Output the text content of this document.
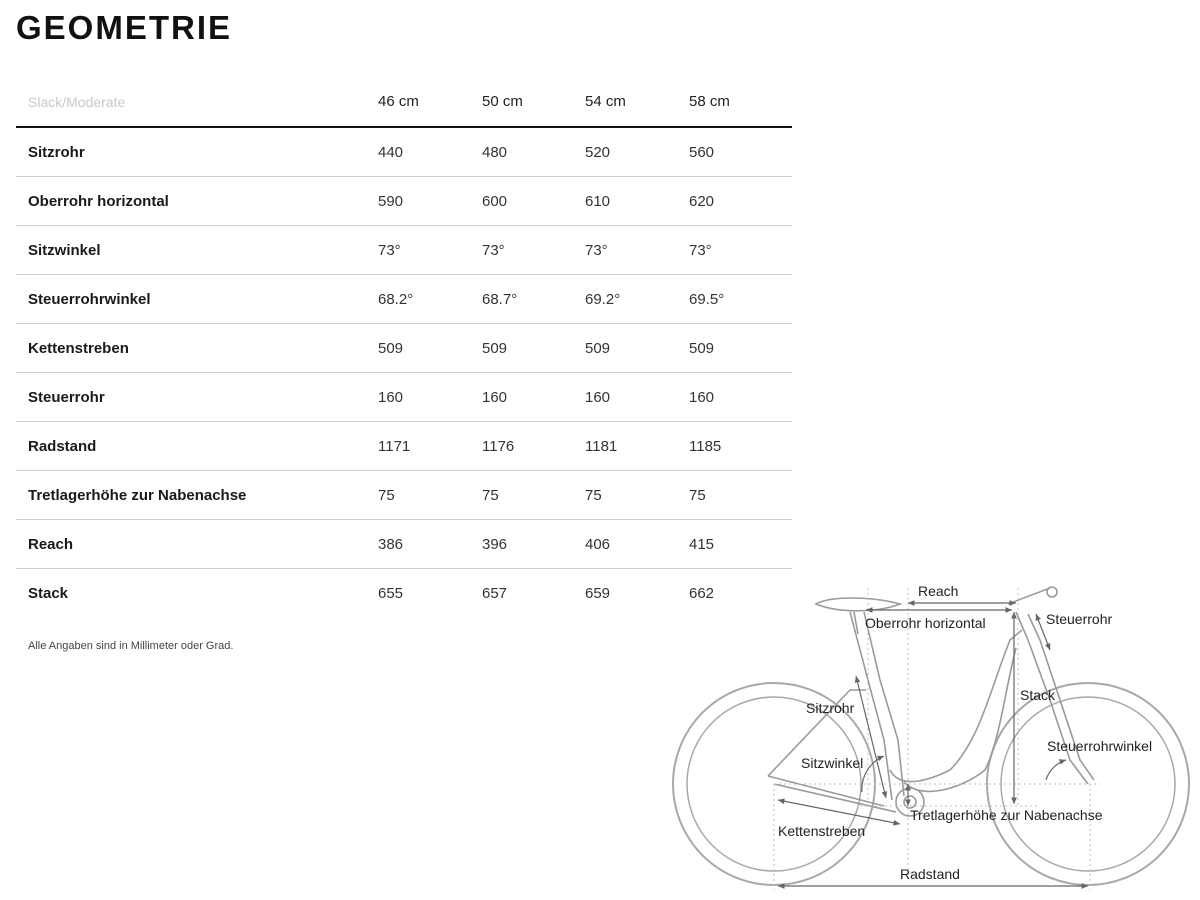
GEOMETRIE
Slack/Moderate	46 cm	50 cm	54 cm	58 cm
Sitzrohr	440	480	520	560
Oberrohr horizontal	590	600	610	620
Sitzwinkel	73°	73°	73°	73°
Steuerrohrwinkel	68.2°	68.7°	69.2°	69.5°
Kettenstreben	509	509	509	509
Steuerrohr	160	160	160	160
Radstand	1171	1176	1181	1185
Tretlagerhöhe zur Nabenachse	75	75	75	75
Reach	386	396	406	415
Stack	655	657	659	662
Alle Angaben sind in Millimeter oder Grad.
Reach
Oberrohr horizontal	Steuerrohr
Stack
Sitzrohr
Steuerrohrwinkel
Sitzwinkel
Tretlagerhöhe zur Nabenachse
Kettenstreben
Radstand
